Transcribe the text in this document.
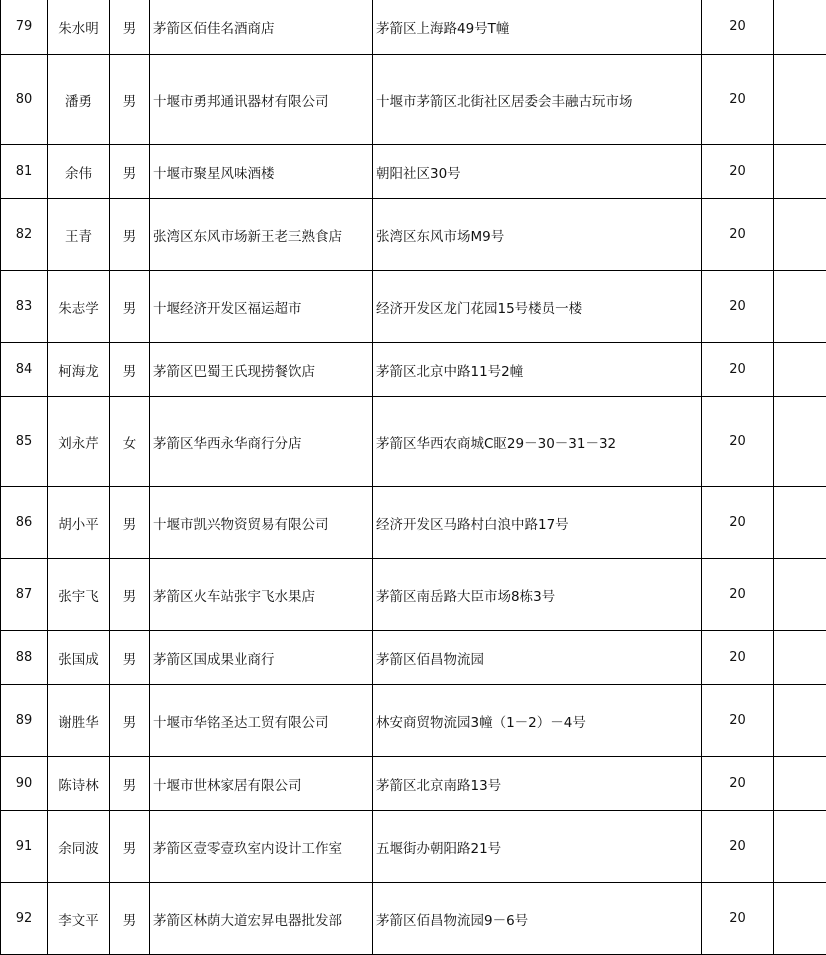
79	朱水明	男	茅箭区佰佳名酒商店	茅箭区上海路49号T幢	20	
80	潘勇	男	十堰市勇邦通讯器材有限公司	十堰市茅箭区北街社区居委会丰融古玩市场	20	
81	余伟	男	十堰市聚星风味酒楼	朝阳社区30号	20	
82	王青	男	张湾区东风市场新王老三熟食店	张湾区东风市场M9号	20	
83	朱志学	男	十堰经济开发区福运超市	经济开发区龙门花园15号楼员一楼	20	
84	柯海龙	男	茅箭区巴蜀王氏现捞餐饮店	茅箭区北京中路11号2幢	20	
85	刘永芹	女	茅箭区华西永华商行分店	茅箭区华西农商城C眍29－30－31－32	20	
86	胡小平	男	十堰市凯兴物资贸易有限公司	经济开发区马路村白浪中路17号	20	
87	张宇飞	男	茅箭区火车站张宇飞水果店	茅箭区南岳路大臣市场8栋3号	20	
88	张国成	男	茅箭区国成果业商行	茅箭区佰昌物流园	20	
89	谢胜华	男	十堰市华铭圣达工贸有限公司	林安商贸物流园3幢（1－2）－4号	20	
90	陈诗林	男	十堰市世林家居有限公司	茅箭区北京南路13号	20	
91	余同波	男	茅箭区壹零壹玖室内设计工作室	五堰街办朝阳路21号	20	
92	李文平	男	茅箭区林荫大道宏昇电器批发部	茅箭区佰昌物流园9－6号	20	
